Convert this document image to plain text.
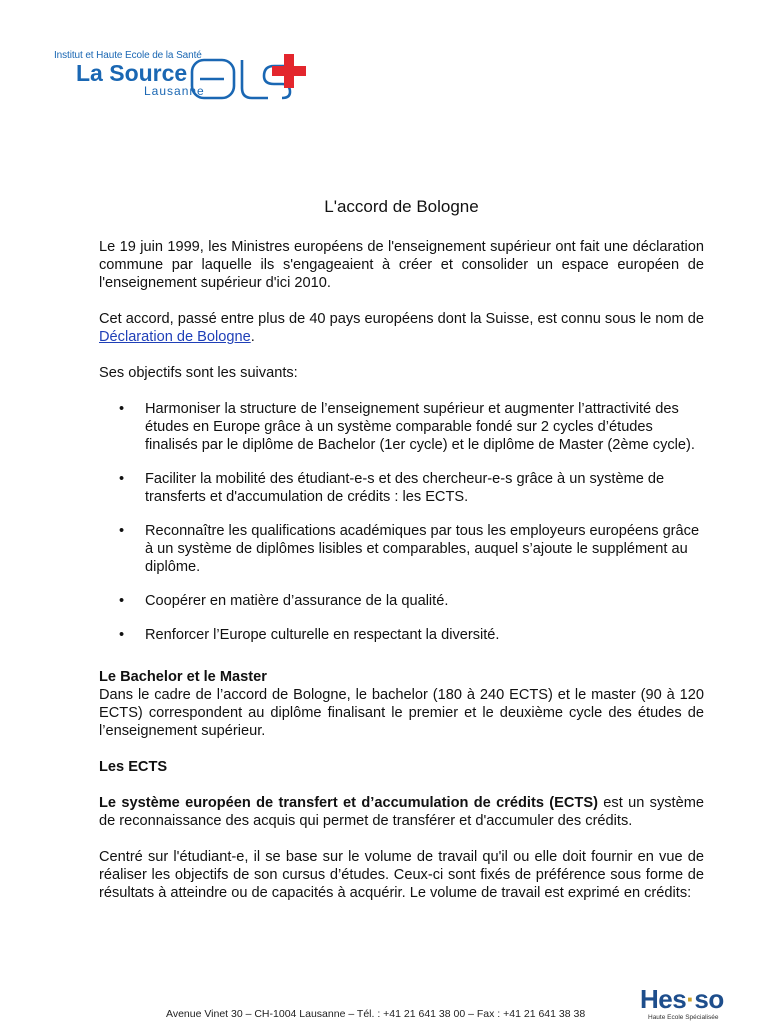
Institut et Haute Ecole de la Santé
La Source
Lausanne
L'accord de Bologne

Le 19 juin 1999, les Ministres européens de l'enseignement supérieur ont fait une déclaration commune par laquelle ils s'engageaient à créer et consolider un espace européen de l'enseignement supérieur d'ici 2010.

Cet accord, passé entre plus de 40 pays européens dont la Suisse, est connu sous le nom de Déclaration de Bologne.

Ses objectifs sont les suivants:

• Harmoniser la structure de l’enseignement supérieur et augmenter l’attractivité des études en Europe grâce à un système comparable fondé sur 2 cycles d’études finalisés par le diplôme de Bachelor (1er cycle) et le diplôme de Master (2ème cycle).
• Faciliter la mobilité des étudiant-e-s et des chercheur-e-s grâce à un système de transferts et d'accumulation de crédits : les ECTS.
• Reconnaître les qualifications académiques par tous les employeurs européens grâce à un système de diplômes lisibles et comparables, auquel s’ajoute le supplément au diplôme.
• Coopérer en matière d’assurance de la qualité.
• Renforcer l’Europe culturelle en respectant la diversité.
Le Bachelor et le Master

Dans le cadre de l’accord de Bologne, le bachelor (180 à 240 ECTS) et le master (90 à 120 ECTS) correspondent au diplôme finalisant le premier et le deuxième cycle des études de l’enseignement supérieur.

Les ECTS

Le système européen de transfert et d’accumulation de crédits (ECTS) est un système de reconnaissance des acquis qui permet de transférer et d'accumuler des crédits.

Centré sur l'étudiant-e, il se base sur le volume de travail qu'il ou elle doit fournir en vue de réaliser les objectifs de son cursus d’études. Ceux-ci sont fixés de préférence sous forme de résultats à atteindre ou de capacités à acquérir. Le volume de travail est exprimé en crédits:

Avenue Vinet 30 – CH-1004 Lausanne – Tél. : +41 21 641 38 00 – Fax : +41 21 641 38 38 Hes·so
Haute Ecole Spécialisée
